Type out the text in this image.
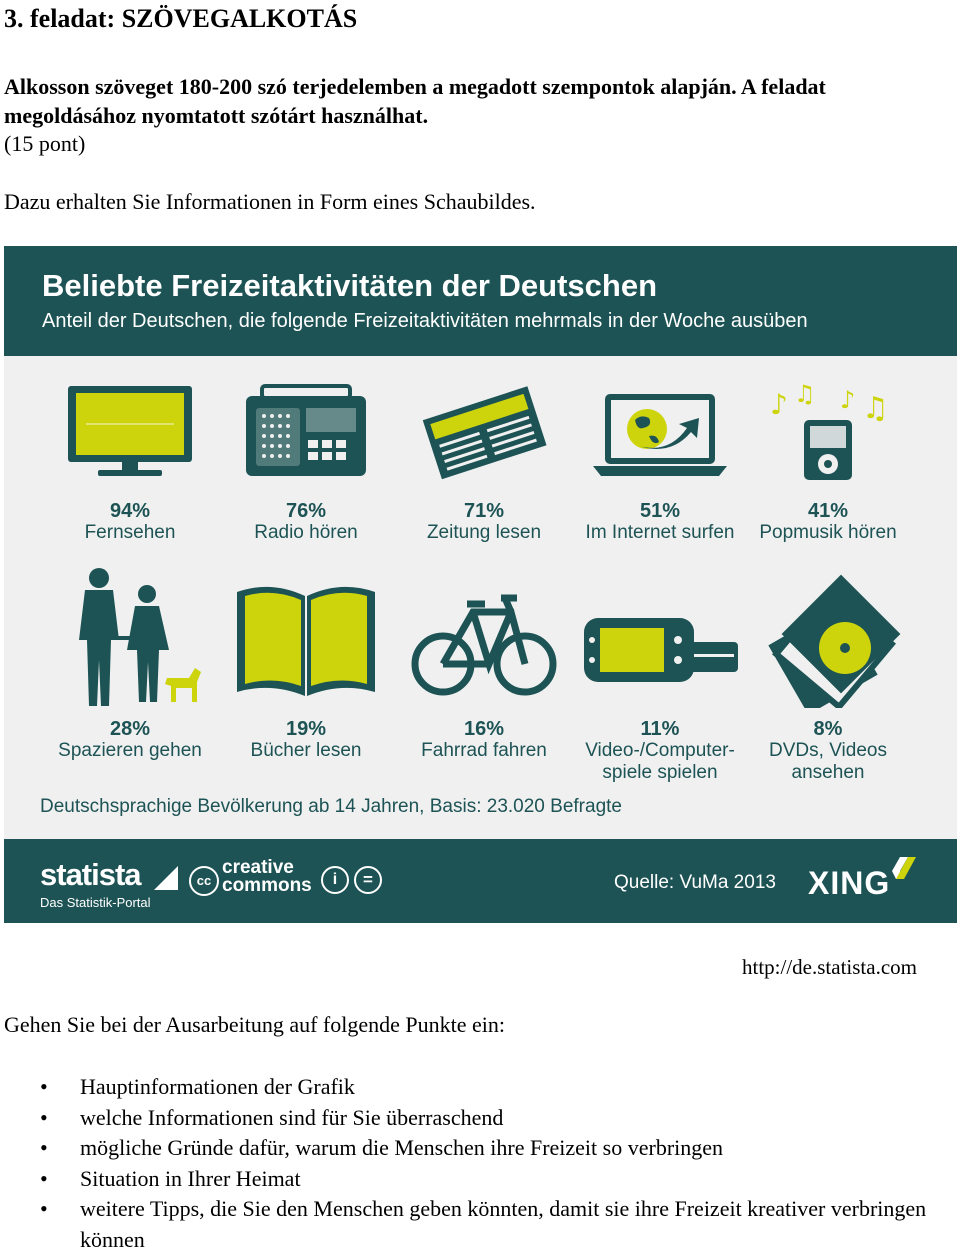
3. feladat: SZÖVEGALKOTÁS
Alkosson szöveget 180-200 szó terjedelemben a megadott szempontok alapján. A feladat megoldásához nyomtatott szótárt használhat.
(15 pont)
Dazu erhalten Sie Informationen in Form eines Schaubildes.
Beliebte Freizeitaktivitäten der Deutschen
Anteil der Deutschen, die folgende Freizeitaktivitäten mehrmals in der Woche ausüben
94%
Fernsehen
76%
Radio hören
71%
Zeitung lesen
51%
Im Internet surfen
♪ ♫ ♪ ♫
41%
Popmusik hören
28%
Spazieren gehen
19%
Bücher lesen
16%
Fahrrad fahren
11%
Video-/Computer-spiele spielen
8%
DVDs, Videos ansehen
Deutschsprachige Bevölkerung ab 14 Jahren, Basis: 23.020 Befragte
statista
Das Statistik-Portal
cc
creative
commons	i	=	Quelle: VuMa 2013 XING
http://de.statista.com
Gehen Sie bei der Ausarbeitung auf folgende Punkte ein:
• Hauptinformationen der Grafik
• welche Informationen sind für Sie überraschend
• mögliche Gründe dafür, warum die Menschen ihre Freizeit so verbringen
• Situation in Ihrer Heimat
• weitere Tipps, die Sie den Menschen geben könnten, damit sie ihre Freizeit kreativer verbringen können
